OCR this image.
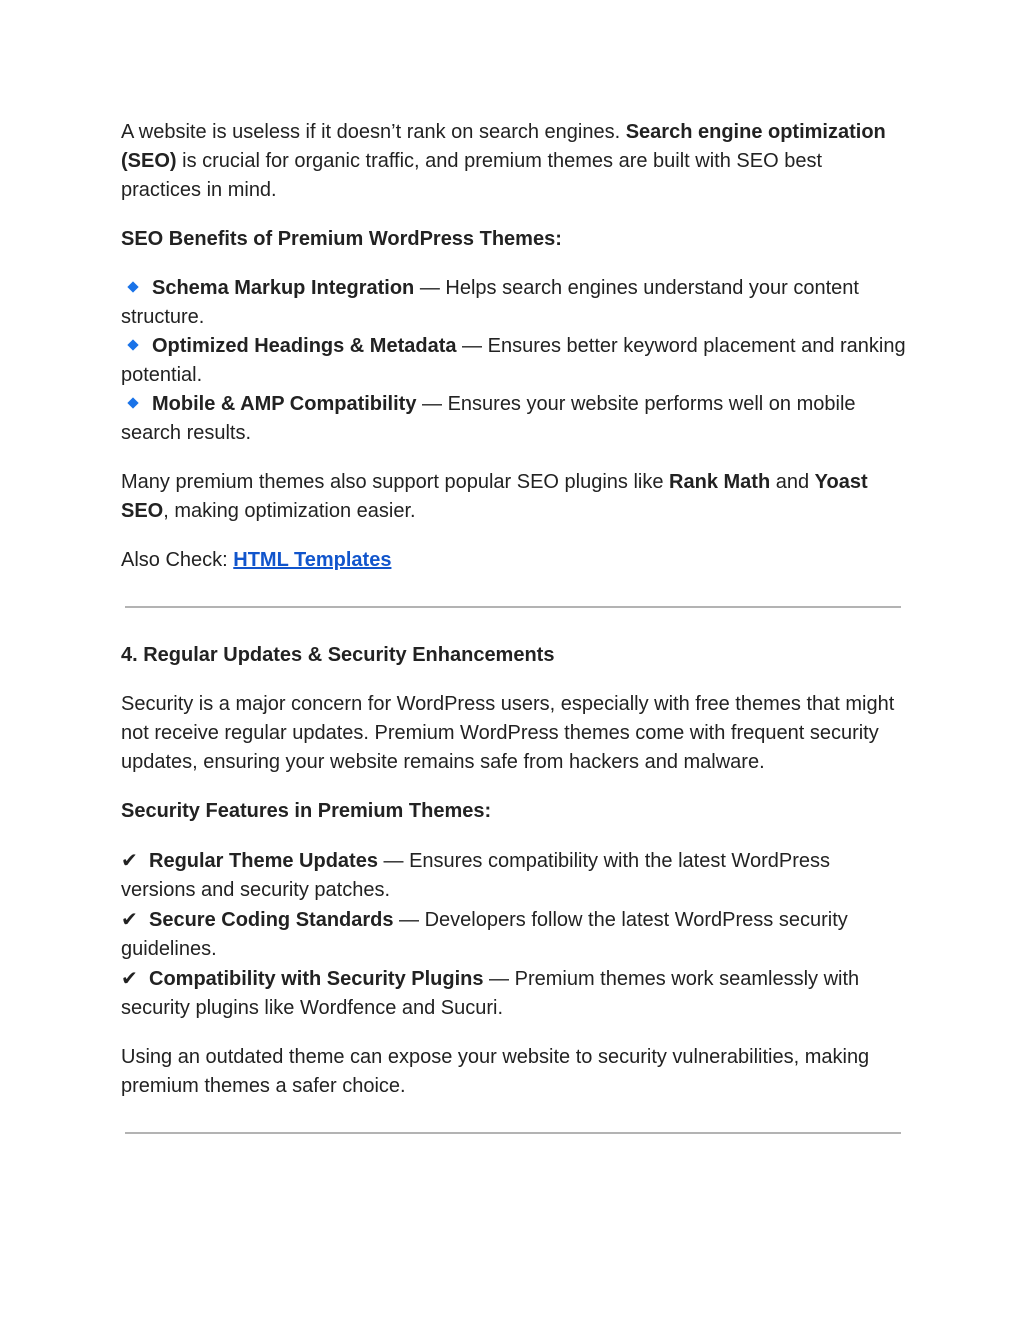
A website is useless if it doesn’t rank on search engines. Search engine optimization (SEO) is crucial for organic traffic, and premium themes are built with SEO best practices in mind.

SEO Benefits of Premium WordPress Themes:

Schema Markup Integration — Helps search engines understand your content structure.

Optimized Headings & Metadata — Ensures better keyword placement and ranking potential.

Mobile & AMP Compatibility — Ensures your website performs well on mobile search results.

Many premium themes also support popular SEO plugins like Rank Math and Yoast SEO, making optimization easier.

Also Check: HTML Templates

4. Regular Updates & Security Enhancements

Security is a major concern for WordPress users, especially with free themes that might not receive regular updates. Premium WordPress themes come with frequent security updates, ensuring your website remains safe from hackers and malware.

Security Features in Premium Themes:

✔ Regular Theme Updates — Ensures compatibility with the latest WordPress versions and security patches.

✔ Secure Coding Standards — Developers follow the latest WordPress security guidelines.

✔ Compatibility with Security Plugins — Premium themes work seamlessly with security plugins like Wordfence and Sucuri.

Using an outdated theme can expose your website to security vulnerabilities, making premium themes a safer choice.
